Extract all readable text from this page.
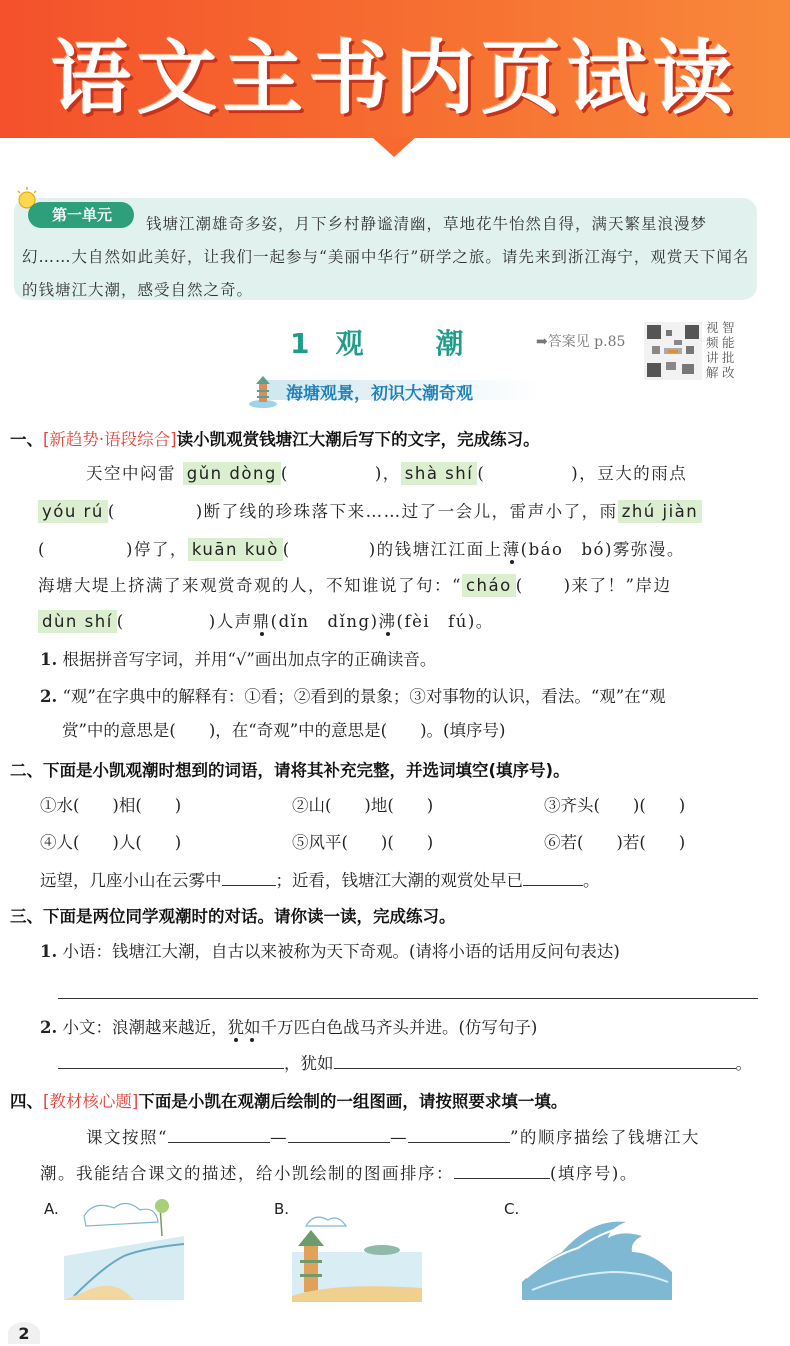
语文主书内页试读
第一单元	钱塘江潮雄奇多姿，月下乡村静谧清幽，草地花牛怡然自得，满天繁星浪漫梦幻……大自然如此美好，让我们一起参与“美丽中华行”研学之旅。请先来到浙江海宁，观赏天下闻名的钱塘江大潮，感受自然之奇。
1 观	潮	➡答案见 p.85
视频讲解
智能批改
海塘观景，初识大潮奇观
一、[新趋势·语段综合]读小凯观赏钱塘江大潮后写下的文字，完成练习。
天空中闷雷 gǔn dòng (	)， shà shí (	)，豆大的雨点
yóu rú (	)断了线的珍珠落下来……过了一会儿，雷声小了，雨 zhú jiàn
(	)停了， kuān kuò (	)的钱塘江江面上薄(báo　bó)雾弥漫。
海塘大堤上挤满了来观赏奇观的人，不知谁说了句：“ cháo ( )来了！”岸边
dùn shí (	)人声鼎(dǐn　dǐng)沸(fèi　fú)。
1. 根据拼音写字词，并用“√”画出加点字的正确读音。
2. “观”在字典中的解释有：①看；②看到的景象；③对事物的认识，看法。“观”在“观
赏”中的意思是(　　)，在“奇观”中的意思是(　　)。(填序号)
二、下面是小凯观潮时想到的词语，请将其补充完整，并选词填空(填序号)。
①水(　　)相(　　)	②山(　　)地(　　)	③齐头(　　)(　　)
④人(　　)人(　　)	⑤风平(　　)(　　)	⑥若(　　)若(　　)
远望，几座小山在云雾中	；近看，钱塘江大潮的观赏处早已	。
三、下面是两位同学观潮时的对话。请你读一读，完成练习。
1. 小语：钱塘江大潮，自古以来被称为天下奇观。(请将小语的话用反问句表达)
2. 小文：浪潮越来越近，犹如千万匹白色战马齐头并进。(仿写句子)
，犹如	。
四、[教材核心题]下面是小凯在观潮后绘制的一组图画，请按照要求填一填。
课文按照“	—	—	”的顺序描绘了钱塘江大
潮。我能结合课文的描述，给小凯绘制的图画排序：	(填序号)。
A.	B.	C.
2
